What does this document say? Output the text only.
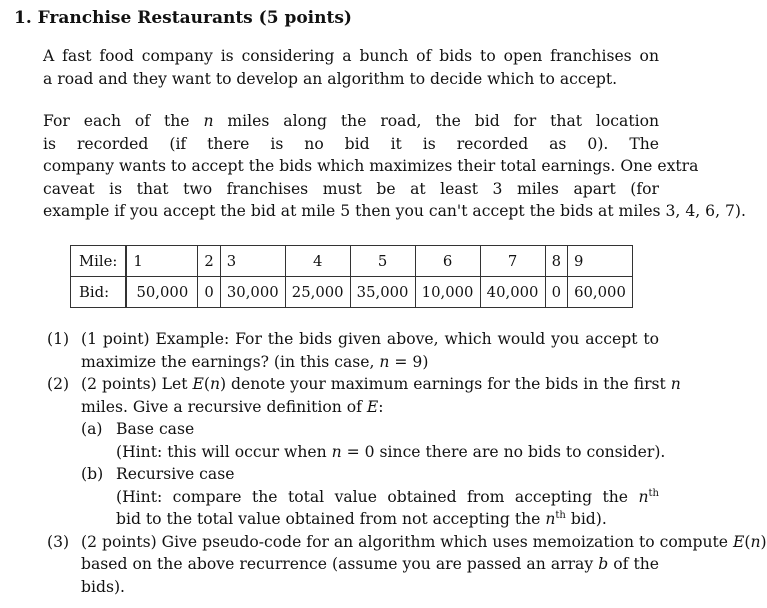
1. Franchise Restaurants (5 points)
A fast food company is considering a bunch of bids to open franchises on
a road and they want to develop an algorithm to decide which to accept.
For each of the n miles along the road, the bid for that location
is recorded (if there is no bid it is recorded as 0). The
company wants to accept the bids which maximizes their total earnings. One extra
caveat is that two franchises must be at least 3 miles apart (for
example if you accept the bid at mile 5 then you can't accept the bids at miles 3, 4, 6, 7).
Mile:	1	2	3	4	5	6	7	8	9
Bid:	50,000	0	30,000	25,000	35,000	10,000	40,000	0	60,000
(1) (1 point) Example: For the bids given above, which would you accept to
maximize the earnings? (in this case, n = 9)
(2) (2 points) Let E(n) denote your maximum earnings for the bids in the first n
miles. Give a recursive definition of E:
(a) Base case
(Hint: this will occur when n = 0 since there are no bids to consider).
(b) Recursive case
(Hint: compare the total value obtained from accepting the $n^{th}$
bid to the total value obtained from not accepting the $n^{th}$ bid).
(3) (2 points) Give pseudo-code for an algorithm which uses memoization to compute E(n)
based on the above recurrence (assume you are passed an array b of the
bids).
